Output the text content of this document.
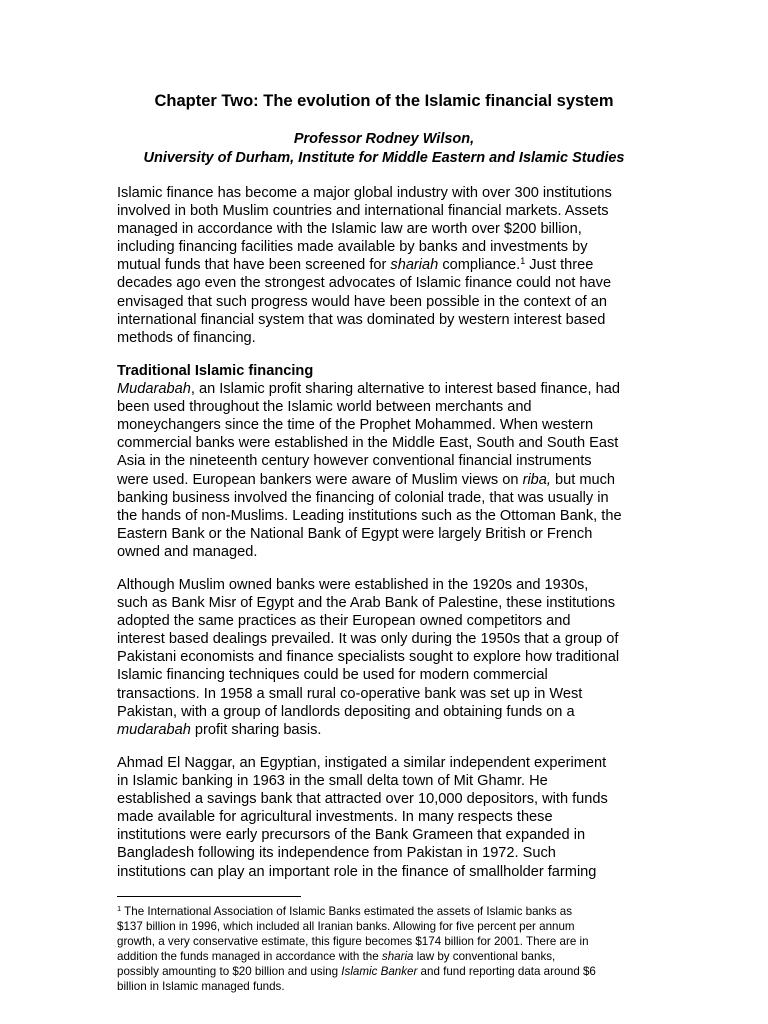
Chapter Two: The evolution of the Islamic financial system
Professor Rodney Wilson,
University of Durham, Institute for Middle Eastern and Islamic Studies
Islamic finance has become a major global industry with over 300 institutions
involved in both Muslim countries and international financial markets. Assets
managed in accordance with the Islamic law are worth over $200 billion,
including financing facilities made available by banks and investments by
mutual funds that have been screened for shariah compliance.$^1$ Just three
decades ago even the strongest advocates of Islamic finance could not have
envisaged that such progress would have been possible in the context of an
international financial system that was dominated by western interest based
methods of financing.
Traditional Islamic financing
Mudarabah, an Islamic profit sharing alternative to interest based finance, had
been used throughout the Islamic world between merchants and
moneychangers since the time of the Prophet Mohammed. When western
commercial banks were established in the Middle East, South and South East
Asia in the nineteenth century however conventional financial instruments
were used. European bankers were aware of Muslim views on riba, but much
banking business involved the financing of colonial trade, that was usually in
the hands of non-Muslims. Leading institutions such as the Ottoman Bank, the
Eastern Bank or the National Bank of Egypt were largely British or French
owned and managed.
Although Muslim owned banks were established in the 1920s and 1930s,
such as Bank Misr of Egypt and the Arab Bank of Palestine, these institutions
adopted the same practices as their European owned competitors and
interest based dealings prevailed. It was only during the 1950s that a group of
Pakistani economists and finance specialists sought to explore how traditional
Islamic financing techniques could be used for modern commercial
transactions. In 1958 a small rural co-operative bank was set up in West
Pakistan, with a group of landlords depositing and obtaining funds on a
mudarabah profit sharing basis.
Ahmad El Naggar, an Egyptian, instigated a similar independent experiment
in Islamic banking in 1963 in the small delta town of Mit Ghamr. He
established a savings bank that attracted over 10,000 depositors, with funds
made available for agricultural investments. In many respects these
institutions were early precursors of the Bank Grameen that expanded in
Bangladesh following its independence from Pakistan in 1972. Such
institutions can play an important role in the finance of smallholder farming
$^1$ The International Association of Islamic Banks estimated the assets of Islamic banks as
$137 billion in 1996, which included all Iranian banks. Allowing for five percent per annum
growth, a very conservative estimate, this figure becomes $174 billion for 2001. There are in
addition the funds managed in accordance with the sharia law by conventional banks,
possibly amounting to $20 billion and using Islamic Banker and fund reporting data around $6
billion in Islamic managed funds.
